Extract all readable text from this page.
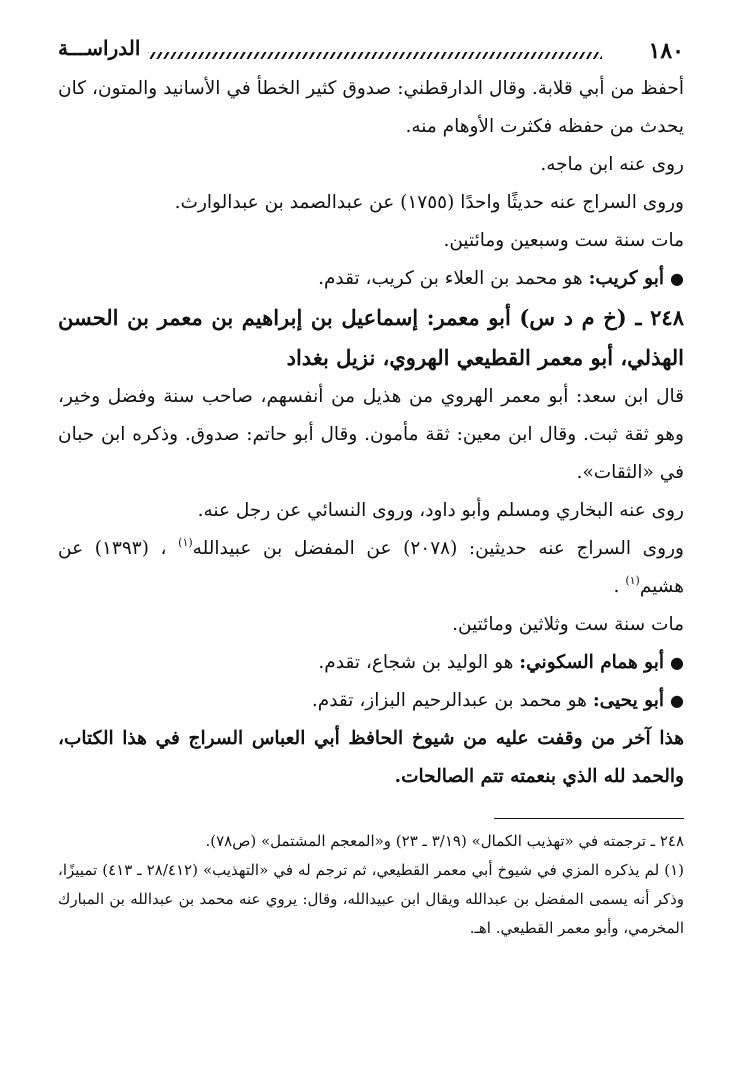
١٨٠
الدراســـة

أحفظ من أبي قلابة. وقال الدارقطني: صدوق كثير الخطأ في الأسانيد والمتون، كان يحدث من حفظه فكثرت الأوهام منه.

روى عنه ابن ماجه.

وروى السراج عنه حديثًا واحدًا (١٧٥٥) عن عبدالصمد بن عبدالوارث.

مات سنة ست وسبعين ومائتين.

●أبو كريب: هو محمد بن العلاء بن كريب، تقدم.

٢٤٨ ـ (خ م د س) أبو معمر: إسماعيل بن إبراهيم بن معمر بن الحسن الهذلي، أبو معمر القطيعي الهروي، نزيل بغداد

قال ابن سعد: أبو معمر الهروي من هذيل من أنفسهم، صاحب سنة وفضل وخير، وهو ثقة ثبت. وقال ابن معين: ثقة مأمون. وقال أبو حاتم: صدوق. وذكره ابن حبان في «الثقات».

روى عنه البخاري ومسلم وأبو داود، وروى النسائي عن رجل عنه.

وروى السراج عنه حديثين: (٢٠٧٨) عن المفضل بن عبيدالله$^{(١)}$ ، (١٣٩٣) عن هشيم$^{(١)}$ .

مات سنة ست وثلاثين ومائتين.

●أبو همام السكوني: هو الوليد بن شجاع، تقدم.

●أبو يحيى: هو محمد بن عبدالرحيم البزاز، تقدم.

هذا آخر من وقفت عليه من شيوخ الحافظ أبي العباس السراج في هذا الكتاب، والحمد لله الذي بنعمته تتم الصالحات.

٢٤٨ ـ ترجمته في «تهذيب الكمال» (٣/١٩ ـ ٢٣) و«المعجم المشتمل» (ص٧٨).

(١) لم يذكره المزي في شيوخ أبي معمر القطيعي، ثم ترجم له في «التهذيب» (٢٨/٤١٢ ـ ٤١٣) تمييزًا، وذكر أنه يسمى المفضل بن عبدالله ويقال ابن عبيدالله، وقال: يروي عنه محمد بن عبدالله بن المبارك المخرمي، وأبو معمر القطيعي. اهـ.
